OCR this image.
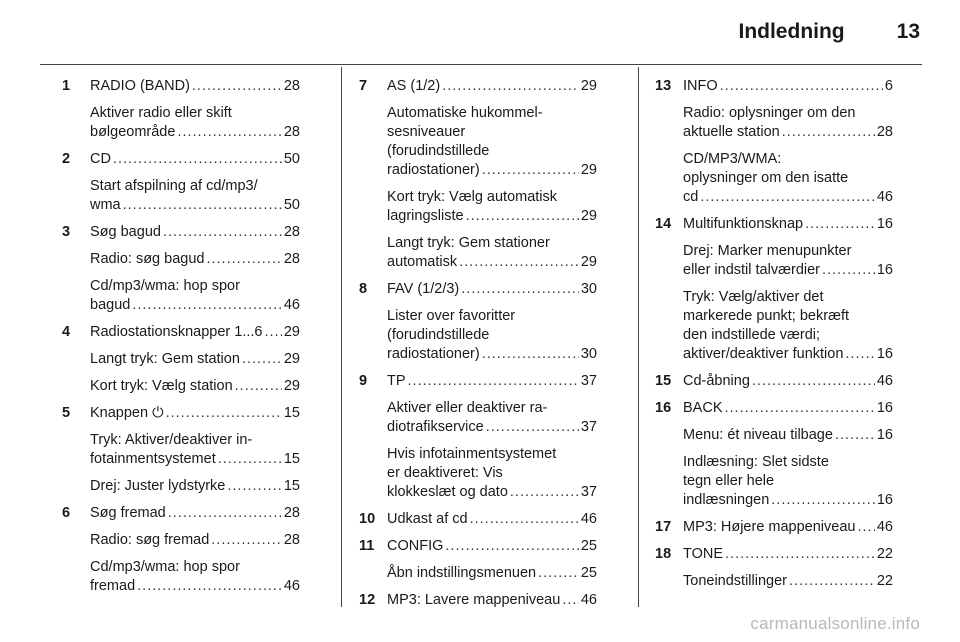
Indledning 13
1 RADIO (BAND) .....	28
Aktiver radio eller skift
bølgeområde .....	28
2 CD .....	50
Start afspilning af cd/mp3/
wma .....	50
3 Søg bagud .....	28
Radio: søg bagud .....	28
Cd/mp3/wma: hop spor
bagud .....	46
4 Radiostationsknapper 1...6 ..... 29
Langt tryk: Gem station .....	29
Kort tryk: Vælg station .....	29
5 Knappen ⏻ .....	15
Tryk: Aktiver/deaktiver in-
fotainmentsystemet .....	15
Drej: Juster lydstyrke .....	15
6 Søg fremad .....	28
Radio: søg fremad .....	28
Cd/mp3/wma: hop spor
fremad .....	46
7 AS (1/2) .....	29
Automatiske hukommel-
sesniveauer
(forudindstillede
radiostationer) .....	29
Kort tryk: Vælg automatisk
lagringsliste .....	29
Langt tryk: Gem stationer
automatisk .....	29
8 FAV (1/2/3) .....	30
Lister over favoritter
(forudindstillede
radiostationer) .....	30
9 TP .....	37
Aktiver eller deaktiver ra-
diotrafikservice .....	37
Hvis infotainmentsystemet
er deaktiveret: Vis
klokkeslæt og dato .....	37
10 Udkast af cd .....	46
11 CONFIG .....	25
Åbn indstillingsmenuen .....	25
12 MP3: Lavere mappeniveau ..... 46
13 INFO .....	6
Radio: oplysninger om den
aktuelle station .....	28
CD/MP3/WMA:
oplysninger om den isatte
cd .....	46
14 Multifunktionsknap .....	16
Drej: Marker menupunkter
eller indstil talværdier .....	16
Tryk: Vælg/aktiver det
markerede punkt; bekræft
den indstillede værdi;
aktiver/deaktiver funktion ..... 16
15 Cd-åbning .....	46
16 BACK .....	16
Menu: ét niveau tilbage .....	16
Indlæsning: Slet sidste
tegn eller hele
indlæsningen .....	16
17 MP3: Højere mappeniveau ..... 46
18 TONE .....	22
Toneindstillinger .....	22
carmanualsonline.info
